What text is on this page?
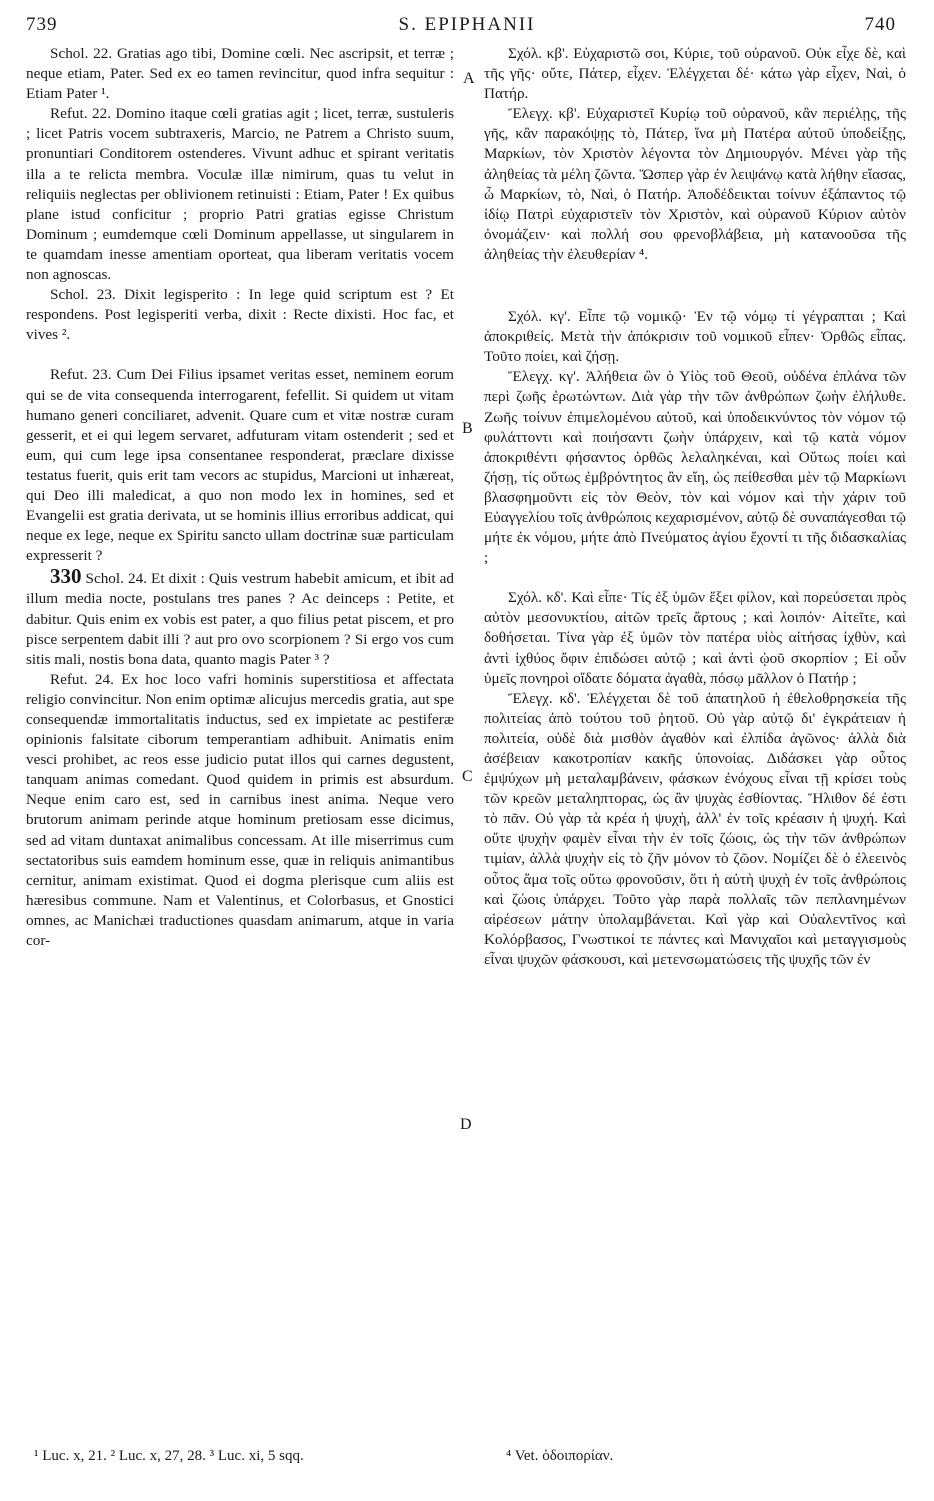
739	S. EPIPHANII	740

Schol. 22. Gratias ago tibi, Domine cœli. Nec ascripsit, et terræ ; neque etiam, Pater. Sed ex eo tamen revincitur, quod infra sequitur : Etiam Pater ¹.

Refut. 22. Domino itaque cœli gratias agit ; licet, terræ, sustuleris ; licet Patris vocem subtraxeris, Marcio, ne Patrem a Christo suum, pronuntiari Conditorem ostenderes. Vivunt adhuc et spirant veritatis illa a te relicta membra. Voculæ illæ nimirum, quas tu velut in reliquiis neglectas per oblivionem retinuisti : Etiam, Pater ! Ex quibus plane istud conficitur ; proprio Patri gratias egisse Christum Dominum ; eumdemque cœli Dominum appellasse, ut singularem in te quamdam inesse amentiam oporteat, qua liberam veritatis vocem non agnoscas.

Schol. 23. Dixit legisperito : In lege quid scriptum est ? Et respondens. Post legisperiti verba, dixit : Recte dixisti. Hoc fac, et vives ².

Refut. 23. Cum Dei Filius ipsamet veritas esset, neminem eorum qui se de vita consequenda interrogarent, fefellit. Si quidem ut vitam humano generi conciliaret, advenit. Quare cum et vitæ nostræ curam gesserit, et ei qui legem servaret, adfuturam vitam ostenderit ; sed et eum, qui cum lege ipsa consentanee responderat, præclare dixisse testatus fuerit, quis erit tam vecors ac stupidus, Marcioni ut inhæreat, qui Deo illi maledicat, a quo non modo lex in homines, sed et Evangelii est gratia derivata, ut se hominis illius erroribus addicat, qui neque ex lege, neque ex Spiritu sancto ullam doctrinæ suæ particulam expresserit ?

330 Schol. 24. Et dixit : Quis vestrum habebit amicum, et ibit ad illum media nocte, postulans tres panes ? Ac deinceps : Petite, et dabitur. Quis enim ex vobis est pater, a quo filius petat piscem, et pro pisce serpentem dabit illi ? aut pro ovo scorpionem ? Si ergo vos cum sitis mali, nostis bona data, quanto magis Pater ³ ?

Refut. 24. Ex hoc loco vafri hominis superstitiosa et affectata religio convincitur. Non enim optimæ alicujus mercedis gratia, aut spe consequendæ immortalitatis inductus, sed ex impietate ac pestiferæ opinionis falsitate ciborum temperantiam adhibuit. Animatis enim vesci prohibet, ac reos esse judicio putat illos qui carnes degustent, tanquam animas comedant. Quod quidem in primis est absurdum. Neque enim caro est, sed in carnibus inest anima. Neque vero brutorum animam perinde atque hominum pretiosam esse dicimus, sed ad vitam duntaxat animalibus concessam. At ille miserrimus cum sectatoribus suis eamdem hominum esse, quæ in reliquis animantibus cernitur, animam existimat. Quod ei dogma plerisque cum aliis est hæresibus commune. Nam et Valentinus, et Colorbasus, et Gnostici omnes, ac Manichæi traductiones quasdam animarum, atque in varia cor-

Σχόλ. κβ'. Εὐχαριστῶ σοι, Κύριε, τοῦ οὐρανοῦ. Οὐκ εἶχε δὲ, καὶ τῆς γῆς· οὔτε, Πάτερ, εἶχεν. Ἐλέγχεται δέ· κάτω γὰρ εἶχεν, Ναὶ, ὁ Πατήρ.

Ἔλεγχ. κβ'. Εὐχαριστεῖ Κυρίῳ τοῦ οὐρανοῦ, κἂν περιέλῃς, τῆς γῆς, κἂν παρακόψῃς τὸ, Πάτερ, ἵνα μὴ Πατέρα αὐτοῦ ὑποδείξῃς, Μαρκίων, τὸν Χριστὸν λέγοντα τὸν Δημιουργόν. Μένει γὰρ τῆς ἀληθείας τὰ μέλη ζῶντα. Ὥσπερ γὰρ ἐν λειψάνῳ κατὰ λήθην εἴασας, ὦ Μαρκίων, τὸ, Ναὶ, ὁ Πατήρ. Ἀποδέδεικται τοίνυν ἐξάπαντος τῷ ἰδίῳ Πατρὶ εὐχαριστεῖν τὸν Χριστὸν, καὶ οὐρανοῦ Κύριον αὐτὸν ὀνομάζειν· καὶ πολλή σου φρενοβλάβεια, μὴ κατανοοῦσα τῆς ἀληθείας τὴν ἐλευθερίαν ⁴.

Σχόλ. κγ'. Εἶπε τῷ νομικῷ· Ἐν τῷ νόμῳ τί γέγραπται ; Καὶ ἀποκριθείς. Μετὰ τὴν ἀπόκρισιν τοῦ νομικοῦ εἶπεν· Ὀρθῶς εἶπας. Τοῦτο ποίει, καὶ ζήσῃ.

Ἔλεγχ. κγ'. Ἀλήθεια ὢν ὁ Υἱὸς τοῦ Θεοῦ, οὐδένα ἐπλάνα τῶν περὶ ζωῆς ἐρωτώντων. Διὰ γὰρ τὴν τῶν ἀνθρώπων ζωὴν ἐλήλυθε. Ζωῆς τοίνυν ἐπιμελομένου αὐτοῦ, καὶ ὑποδεικνύντος τὸν νόμον τῷ φυλάττοντι καὶ ποιήσαντι ζωὴν ὑπάρχειν, καὶ τῷ κατὰ νόμον ἀποκριθέντι φήσαντος ὀρθῶς λελαληκέναι, καὶ Οὕτως ποίει καὶ ζήσῃ, τίς οὕτως ἐμβρόντητος ἂν εἴη, ὡς πείθεσθαι μὲν τῷ Μαρκίωνι βλασφημοῦντι εἰς τὸν Θεὸν, τὸν καὶ νόμον καὶ τὴν χάριν τοῦ Εὐαγγελίου τοῖς ἀνθρώποις κεχαρισμένον, αὐτῷ δὲ συναπάγεσθαι τῷ μήτε ἐκ νόμου, μήτε ἀπὸ Πνεύματος ἁγίου ἔχοντί τι τῆς διδασκαλίας ;

Σχόλ. κδ'. Καὶ εἶπε· Τίς ἐξ ὑμῶν ἕξει φίλον, καὶ πορεύσεται πρὸς αὐτὸν μεσονυκτίου, αἰτῶν τρεῖς ἄρτους ; καὶ λοιπόν· Αἰτεῖτε, καὶ δοθήσεται. Τίνα γὰρ ἐξ ὑμῶν τὸν πατέρα υἱὸς αἰτήσας ἰχθὺν, καὶ ἀντὶ ἰχθύος ὄφιν ἐπιδώσει αὐτῷ ; καὶ ἀντὶ ᾠοῦ σκορπίον ; Εἰ οὖν ὑμεῖς πονηροὶ οἴδατε δόματα ἀγαθὰ, πόσῳ μᾶλλον ὁ Πατήρ ;

Ἔλεγχ. κδ'. Ἐλέγχεται δὲ τοῦ ἀπατηλοῦ ἡ ἐθελοθρησκεία τῆς πολιτείας ἀπὸ τούτου τοῦ ῥητοῦ. Οὐ γὰρ αὐτῷ δι' ἐγκράτειαν ἡ πολιτεία, οὐδὲ διὰ μισθὸν ἀγαθὸν καὶ ἐλπίδα ἀγῶνος· ἀλλὰ διὰ ἀσέβειαν κακοτροπίαν κακῆς ὑπονοίας. Διδάσκει γὰρ οὗτος ἐμψύχων μὴ μεταλαμβάνειν, φάσκων ἐνόχους εἶναι τῇ κρίσει τοὺς τῶν κρεῶν μεταληπτορας, ὡς ἂν ψυχὰς ἐσθίοντας. Ἤλιθον δέ ἐστι τὸ πᾶν. Οὐ γὰρ τὰ κρέα ἡ ψυχὴ, ἀλλ' ἐν τοῖς κρέασιν ἡ ψυχή. Καὶ οὔτε ψυχὴν φαμὲν εἶναι τὴν ἐν τοῖς ζώοις, ὡς τὴν τῶν ἀνθρώπων τιμίαν, ἀλλὰ ψυχὴν εἰς τὸ ζῆν μόνον τὸ ζῶον. Νομίζει δὲ ὁ ἐλεεινὸς οὗτος ἅμα τοῖς οὕτω φρονοῦσιν, ὅτι ἡ αὐτὴ ψυχὴ ἐν τοῖς ἀνθρώποις καὶ ζώοις ὑπάρχει. Τοῦτο γὰρ παρὰ πολλαῖς τῶν πεπλανημένων αἱρέσεων μάτην ὑπολαμβάνεται. Καὶ γὰρ καὶ Οὐαλεντῖνος καὶ Κολόρβασος, Γνωστικοί τε πάντες καὶ Μανιχαῖοι καὶ μεταγγισμοὺς εἶναι ψυχῶν φάσκουσι, καὶ μετενσωματώσεις τῆς ψυχῆς τῶν ἐν

A
B
C
D
¹ Luc. x, 21. ² Luc. x, 27, 28. ³ Luc. xi, 5 sqq.	⁴ Vet. ὁδοιπορίαν.
